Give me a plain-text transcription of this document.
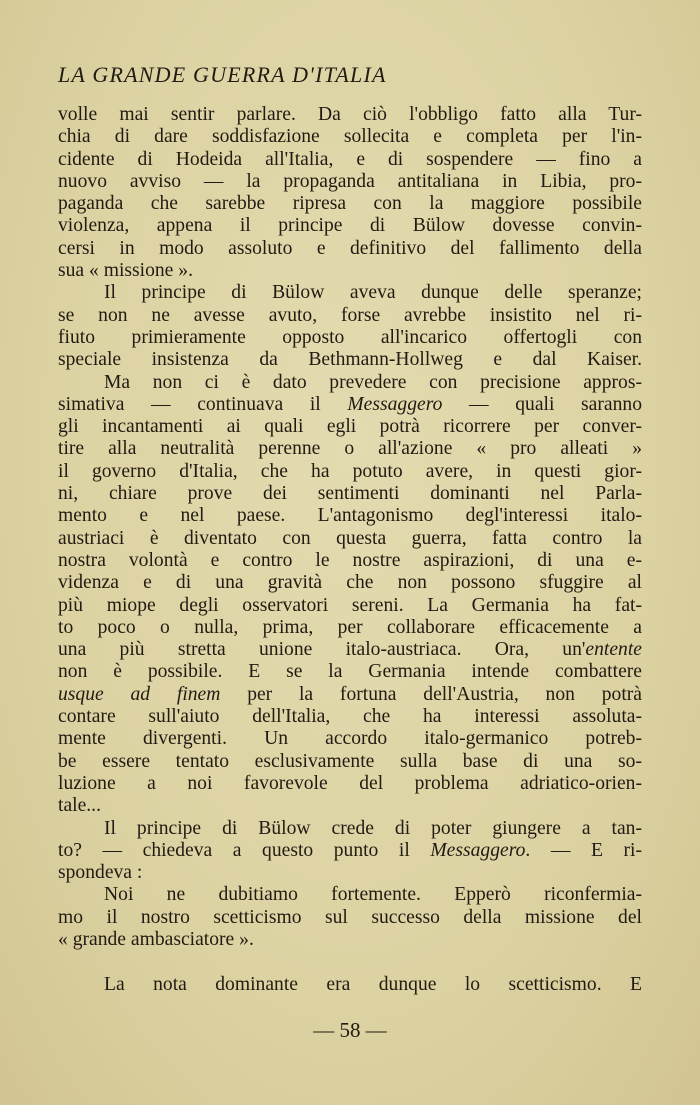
LA GRANDE GUERRA D'ITALIA
volle mai sentir parlare. Da ciò l'obbligo fatto alla Tur-
chia di dare soddisfazione sollecita e completa per l'in-
cidente di Hodeida all'Italia, e di sospendere — fino a
nuovo avviso — la propaganda antitaliana in Libia, pro-
paganda che sarebbe ripresa con la maggiore possibile
violenza, appena il principe di Bülow dovesse convin-
cersi in modo assoluto e definitivo del fallimento della
sua « missione ».
Il principe di Bülow aveva dunque delle speranze;
se non ne avesse avuto, forse avrebbe insistito nel ri-
fiuto primieramente opposto all'incarico offertogli con
speciale insistenza da Bethmann-Hollweg e dal Kaiser.
Ma non ci è dato prevedere con precisione appros-
simativa — continuava il Messaggero — quali saranno
gli incantamenti ai quali egli potrà ricorrere per conver-
tire alla neutralità perenne o all'azione « pro alleati »
il governo d'Italia, che ha potuto avere, in questi gior-
ni, chiare prove dei sentimenti dominanti nel Parla-
mento e nel paese. L'antagonismo degl'interessi italo-
austriaci è diventato con questa guerra, fatta contro la
nostra volontà e contro le nostre aspirazioni, di una e-
videnza e di una gravità che non possono sfuggire al
più miope degli osservatori sereni. La Germania ha fat-
to poco o nulla, prima, per collaborare efficacemente a
una più stretta unione italo-austriaca. Ora, un'entente
non è possibile. E se la Germania intende combattere
usque ad finem per la fortuna dell'Austria, non potrà
contare sull'aiuto dell'Italia, che ha interessi assoluta-
mente divergenti. Un accordo italo-germanico potreb-
be essere tentato esclusivamente sulla base di una so-
luzione a noi favorevole del problema adriatico-orien-
tale...
Il principe di Bülow crede di poter giungere a tan-
to? — chiedeva a questo punto il Messaggero. — E ri-
spondeva :
Noi ne dubitiamo fortemente. Epperò riconfermia-
mo il nostro scetticismo sul successo della missione del
« grande ambasciatore ».
La nota dominante era dunque lo scetticismo. E
— 58 —
